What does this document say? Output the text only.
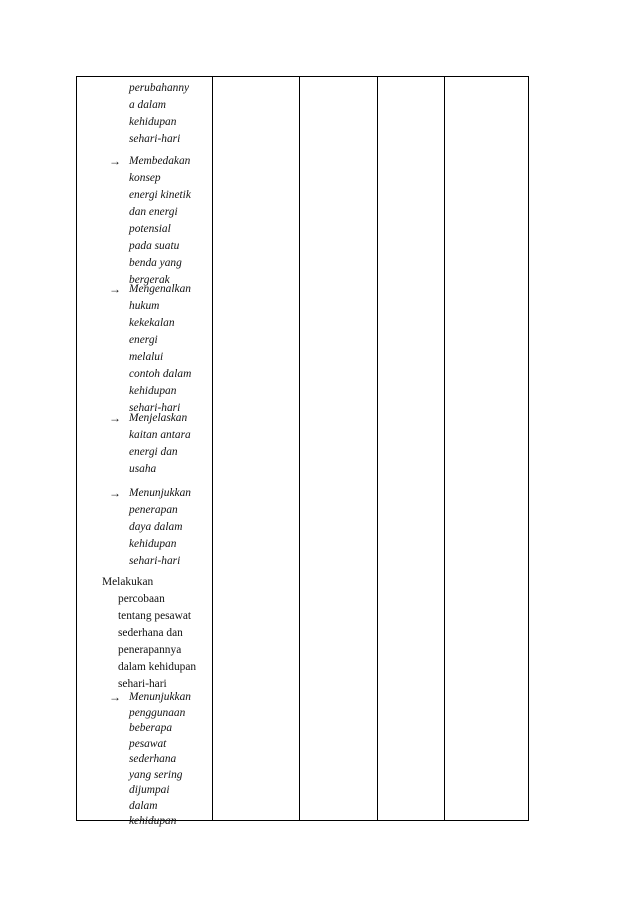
perubahanny
a dalam
kehidupan
sehari-hari
→ Membedakan
konsep
energi kinetik
dan energi
potensial
pada suatu
benda yang
bergerak
→ Mengenalkan
hukum
kekekalan
energi
melalui
contoh dalam
kehidupan
sehari-hari
→ Menjelaskan
kaitan antara
energi dan
usaha
→ Menunjukkan
penerapan
daya dalam
kehidupan
sehari-hari
Melakukan
percobaan
tentang pesawat
sederhana dan
penerapannya
dalam kehidupan
sehari-hari
→ Menunjukkan
penggunaan
beberapa
pesawat
sederhana
yang sering
dijumpai
dalam
kehidupan
